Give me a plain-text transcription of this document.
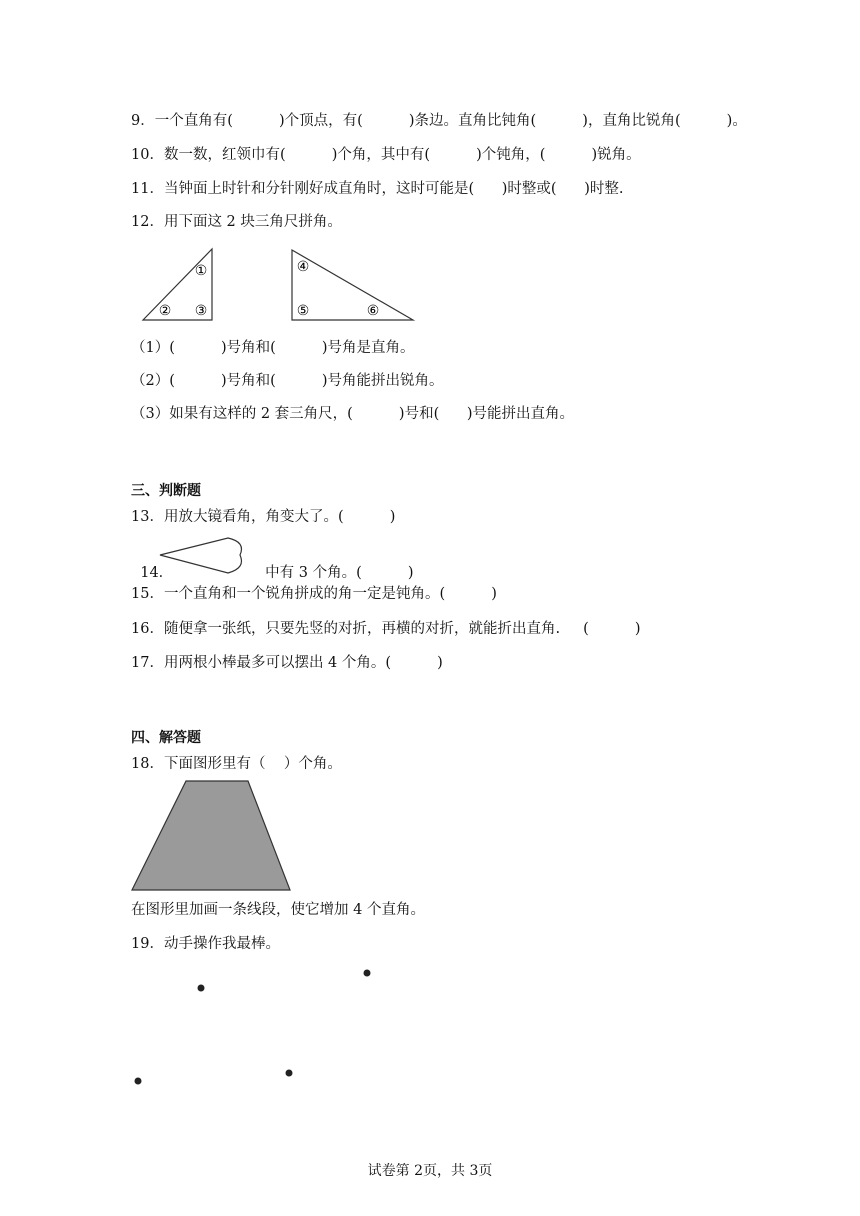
9．一个直角有(          )个顶点，有(          )条边。直角比钝角(          )，直角比锐角(          )。
10．数一数，红领巾有(          )个角，其中有(          )个钝角，(          )锐角。
11．当钟面上时针和分针刚好成直角时，这时可能是(      )时整或(      )时整.
12．用下面这 2 块三角尺拼角。
①
② ③
④
⑤	⑥
（1）(          )号角和(          )号角是直角。
（2）(          )号角和(          )号角能拼出锐角。
（3）如果有这样的 2 套三角尺，(          )号和(      )号能拼出直角。
三、判断题
13．用放大镜看角，角变大了。(          )

14．	中有 3 个角。(          )

15．一个直角和一个锐角拼成的角一定是钝角。(          )
16．随便拿一张纸，只要先竖的对折，再横的对折，就能折出直角.     (          )
17．用两根小棒最多可以摆出 4 个角。(          )
四、解答题
18．下面图形里有（    ）个角。
在图形里加画一条线段，使它增加 4 个直角。
19．动手操作我最棒。
试卷第 2页，共 3页
